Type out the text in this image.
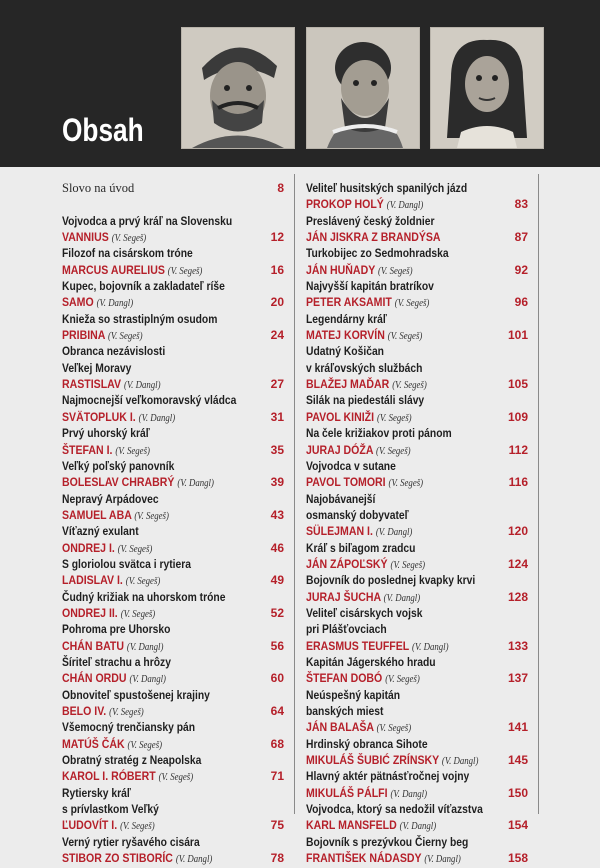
Obsah
Slovo na úvod	8
Vojvodca a prvý kráľ na Slovensku
VANNIUS (V. Segeš)	12
Filozof na cisárskom tróne
MARCUS AURELIUS (V. Segeš)	16
Kupec, bojovník a zakladateľ ríše
SAMO (V. Dangl)	20
Knieža so strastiplným osudom
PRIBINA (V. Segeš)	24
Obranca nezávislosti
Veľkej Moravy
RASTISLAV (V. Dangl)	27
Najmocnejší veľkomoravský vládca
SVÄTOPLUK I. (V. Dangl)	31
Prvý uhorský kráľ
ŠTEFAN I. (V. Segeš)	35
Veľký poľský panovník
BOLESLAV CHRABRÝ (V. Dangl)	39
Nepravý Arpádovec
SAMUEL ABA (V. Segeš)	43
Víťazný exulant
ONDREJ I. (V. Segeš)	46
S gloriolou svätca i rytiera
LADISLAV I. (V. Segeš)	49
Čudný križiak na uhorskom tróne
ONDREJ II. (V. Segeš)	52
Pohroma pre Uhorsko
CHÁN BATU (V. Dangl)	56
Šíriteľ strachu a hrôzy
CHÁN ORDU (V. Dangl)	60
Obnoviteľ spustošenej krajiny
BELO IV. (V. Segeš)	64
Všemocný trenčiansky pán
MATÚŠ ČÁK (V. Segeš)	68
Obratný stratég z Neapolska
KAROL I. RÓBERT (V. Segeš)	71
Rytiersky kráľ
s prívlastkom Veľký
ĽUDOVÍT I. (V. Segeš)	75
Verný rytier ryšavého cisára
STIBOR ZO STIBORÍC (V. Dangl)	78
Veliteľ husitských spanilých jázd
PROKOP HOLÝ (V. Dangl)	83
Preslávený český žoldnier
JÁN JISKRA Z BRANDÝSA	87
Turkobijec zo Sedmohradska
JÁN HUŇADY (V. Segeš)	92
Najvyšší kapitán bratríkov
PETER AKSAMIT (V. Segeš)	96
Legendárny kráľ
MATEJ KORVÍN (V. Segeš)	101
Udatný Košičan
v kráľovských službách
BLAŽEJ MAĎAR (V. Segeš)	105
Silák na piedestáli slávy
PAVOL KINIŽI (V. Segeš)	109
Na čele križiakov proti pánom
JURAJ DÓŽA (V. Segeš)	112
Vojvodca v sutane
PAVOL TOMORI (V. Segeš)	116
Najobávanejší
osmanský dobyvateľ
SÜLEJMAN I. (V. Dangl)	120
Kráľ s biľagom zradcu
JÁN ZÁPOĽSKÝ (V. Segeš)	124
Bojovník do poslednej kvapky krvi
JURAJ ŠUCHA (V. Dangl)	128
Veliteľ cisárskych vojsk
pri Plášťovciach
ERASMUS TEUFFEL (V. Dangl)	133
Kapitán Jágerského hradu
ŠTEFAN DOBÓ (V. Segeš)	137
Neúspešný kapitán
banských miest
JÁN BALAŠA (V. Segeš)	141
Hrdinský obranca Sihote
MIKULÁŠ ŠUBIĆ ZRÍNSKY (V. Dangl) 145
Hlavný aktér pätnásťročnej vojny
MIKULÁŠ PÁLFI (V. Dangl)	150
Vojvodca, ktorý sa nedožil víťazstva
KARL MANSFELD (V. Dangl)	154
Bojovník s prezývkou Čierny beg
FRANTIŠEK NÁDASDY (V. Dangl)	158
